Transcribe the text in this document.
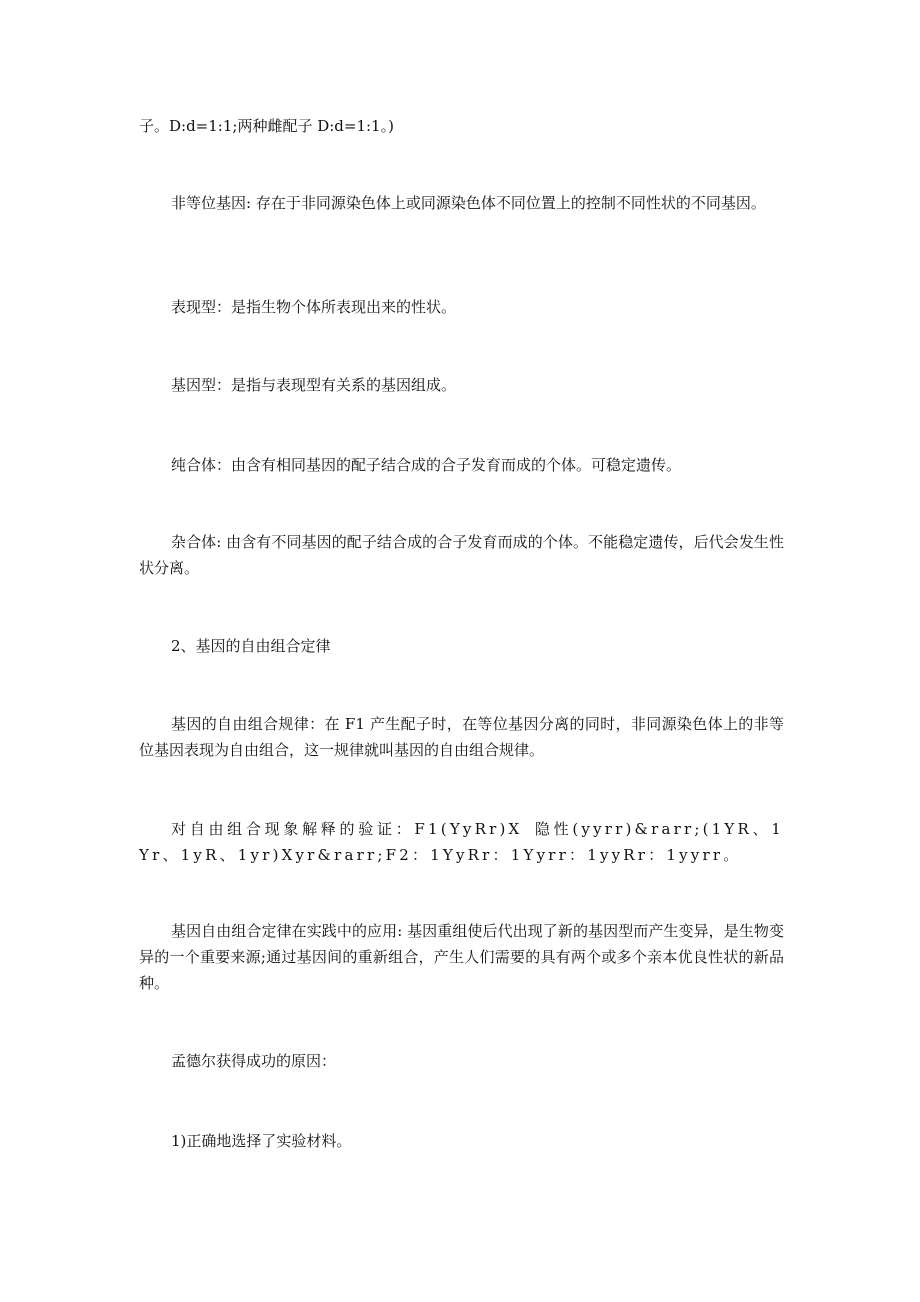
子。D:d=1:1;两种雌配子 D:d=1:1。)

非等位基因: 存在于非同源染色体上或同源染色体不同位置上的控制不同性状的不同基因。

表现型：是指生物个体所表现出来的性状。

基因型：是指与表现型有关系的基因组成。

纯合体：由含有相同基因的配子结合成的合子发育而成的个体。可稳定遗传。

杂合体: 由含有不同基因的配子结合成的合子发育而成的个体。不能稳定遗传，后代会发生性状分离。

2、基因的自由组合定律

基因的自由组合规律：在 F1 产生配子时，在等位基因分离的同时，非同源染色体上的非等位基因表现为自由组合，这一规律就叫基因的自由组合规律。

对自由组合现象解释的验证：F1(YyRr)X 隐性(yyrr)&rarr;(1YR、1Yr、1yR、1yr)Xyr&rarr;F2：1YyRr：1Yyrr：1yyRr：1yyrr。

基因自由组合定律在实践中的应用: 基因重组使后代出现了新的基因型而产生变异，是生物变异的一个重要来源;通过基因间的重新组合，产生人们需要的具有两个或多个亲本优良性状的新品种。

孟德尔获得成功的原因：

1)正确地选择了实验材料。
